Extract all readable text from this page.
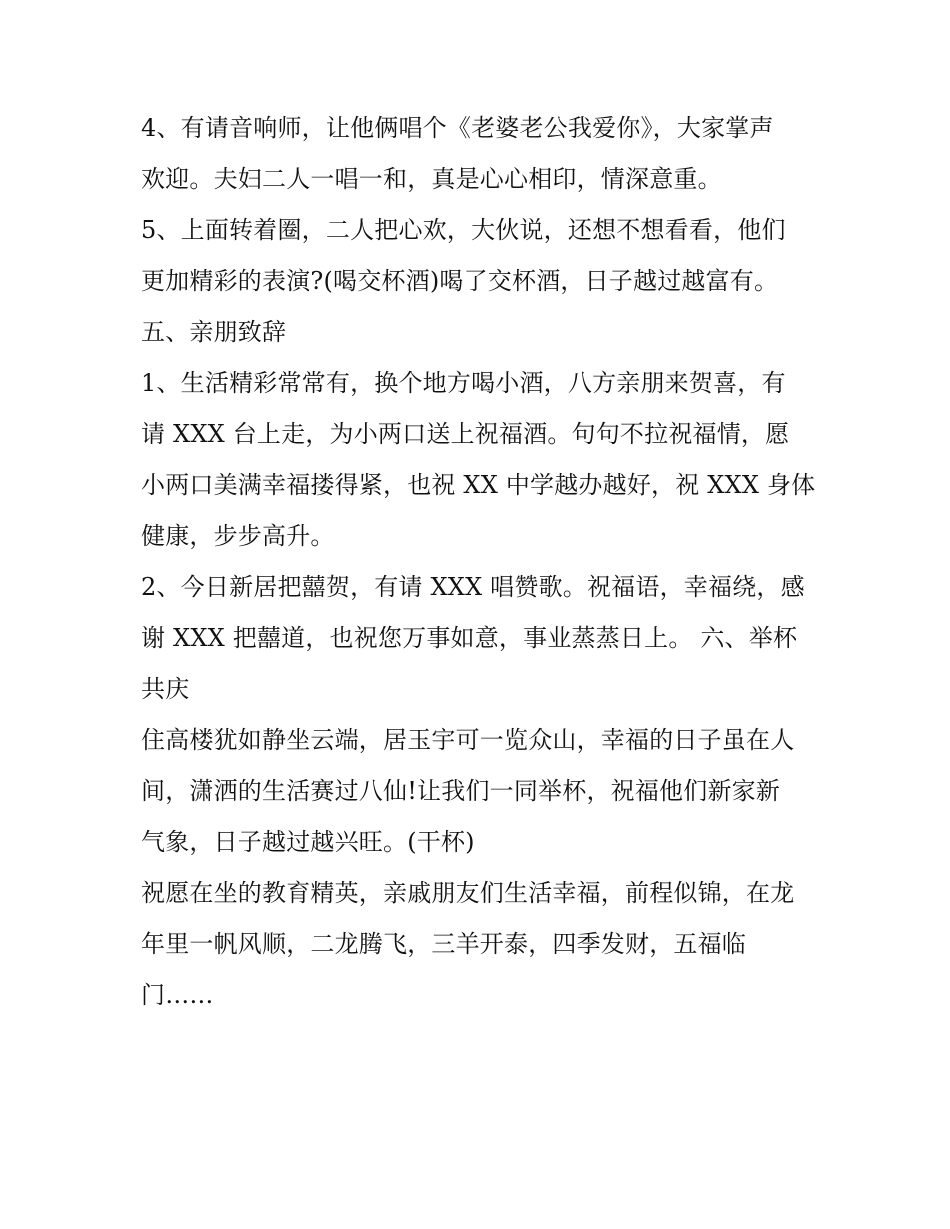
4、有请音响师，让他俩唱个《老婆老公我爱你》，大家掌声

欢迎。夫妇二人一唱一和，真是心心相印，情深意重。

5、上面转着圈，二人把心欢，大伙说，还想不想看看，他们

更加精彩的表演?(喝交杯酒)喝了交杯酒，日子越过越富有。

五、亲朋致辞

1、生活精彩常常有，换个地方喝小酒，八方亲朋来贺喜，有

请 XXX 台上走，为小两口送上祝福酒。句句不拉祝福情，愿

小两口美满幸福搂得紧，也祝 XX 中学越办越好，祝 XXX 身体

健康，步步高升。

2、今日新居把囍贺，有请 XXX 唱赞歌。祝福语，幸福绕，感

谢 XXX 把囍道，也祝您万事如意，事业蒸蒸日上。 六、举杯

共庆

住高楼犹如静坐云端，居玉宇可一览众山，幸福的日子虽在人

间，潇洒的生活赛过八仙!让我们一同举杯，祝福他们新家新

气象，日子越过越兴旺。(干杯)

祝愿在坐的教育精英，亲戚朋友们生活幸福，前程似锦，在龙

年里一帆风顺，二龙腾飞，三羊开泰，四季发财，五福临

门……
